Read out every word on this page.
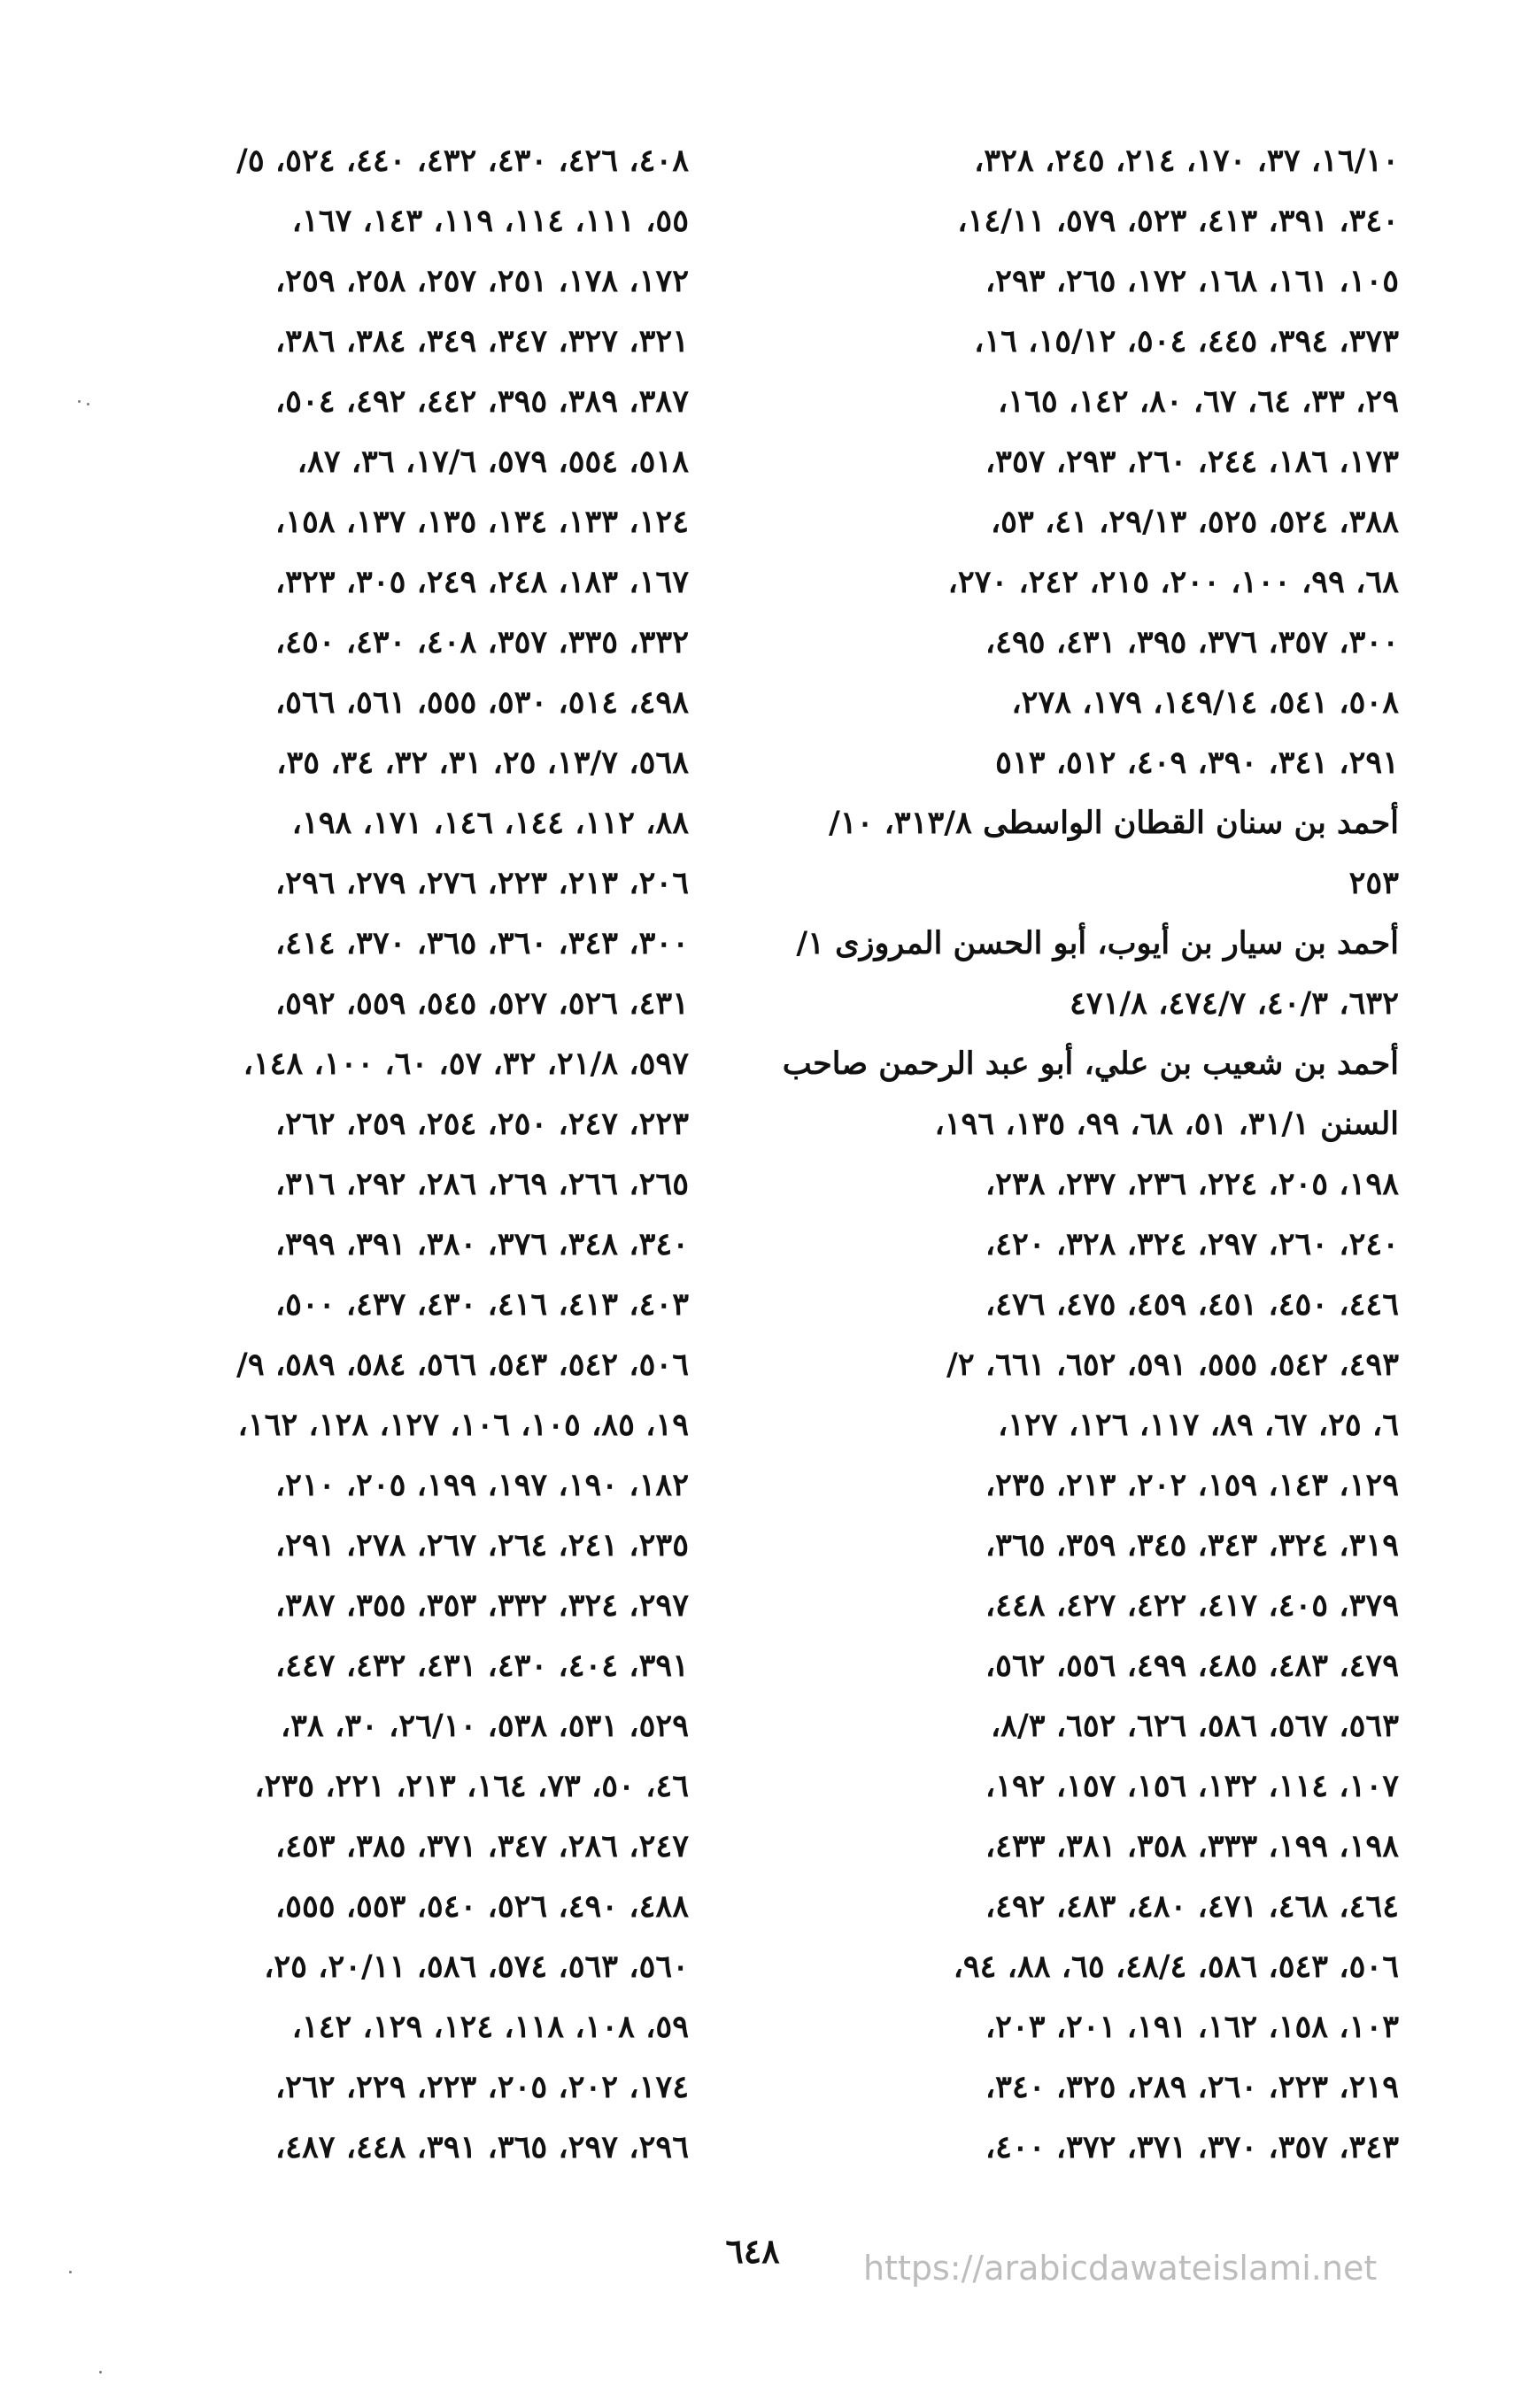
١٦/١٠، ٣٧، ١٧٠، ٢١٤، ٢٤٥، ٣٢٨،
٣٤٠، ٣٩١، ٤١٣، ٥٢٣، ٥٧٩، ١٤/١١،
١٠٥، ١٦١، ١٦٨، ١٧٢، ٢٦٥، ٢٩٣،
٣٧٣، ٣٩٤، ٤٤٥، ٥٠٤، ١٥/١٢، ١٦،
٢٩، ٣٣، ٦٤، ٦٧، ٨٠، ١٤٢، ١٦٥،
١٧٣، ١٨٦، ٢٤٤، ٢٦٠، ٢٩٣، ٣٥٧،
٣٨٨، ٥٢٤، ٥٢٥، ٢٩/١٣، ٤١، ٥٣،
٦٨، ٩٩، ١٠٠، ٢٠٠، ٢١٥، ٢٤٢، ٢٧٠،
٣٠٠، ٣٥٧، ٣٧٦، ٣٩٥، ٤٣١، ٤٩٥،
٥٠٨، ٥٤١، ١٤٩/١٤، ١٧٩، ٢٧٨،
٢٩١، ٣٤١، ٣٩٠، ٤٠٩، ٥١٢، ٥١٣
أحمد بن سنان القطان الواسطى ٣١٣/٨، ١٠/
٢٥٣
أحمد بن سيار بن أيوب، أبو الحسن المروزى ١/
٦٣٢، ٤٠/٣، ٤٧٤/٧، ٤٧١/٨
أحمد بن شعيب بن علي، أبو عبد الرحمن صاحب
السنن ٣١/١، ٥١، ٦٨، ٩٩، ١٣٥، ١٩٦،
١٩٨، ٢٠٥، ٢٢٤، ٢٣٦، ٢٣٧، ٢٣٨،
٢٤٠، ٢٦٠، ٢٩٧، ٣٢٤، ٣٢٨، ٤٢٠،
٤٤٦، ٤٥٠، ٤٥١، ٤٥٩، ٤٧٥، ٤٧٦،
٤٩٣، ٥٤٢، ٥٥٥، ٥٩١، ٦٥٢، ٦٦١، ٢/
٦، ٢٥، ٦٧، ٨٩، ١١٧، ١٢٦، ١٢٧،
١٢٩، ١٤٣، ١٥٩، ٢٠٢، ٢١٣، ٢٣٥،
٣١٩، ٣٢٤، ٣٤٣، ٣٤٥، ٣٥٩، ٣٦٥،
٣٧٩، ٤٠٥، ٤١٧، ٤٢٢، ٤٢٧، ٤٤٨،
٤٧٩، ٤٨٣، ٤٨٥، ٤٩٩، ٥٥٦، ٥٦٢،
٥٦٣، ٥٦٧، ٥٨٦، ٦٢٦، ٦٥٢، ٨/٣،
١٠٧، ١١٤، ١٣٢، ١٥٦، ١٥٧، ١٩٢،
١٩٨، ١٩٩، ٣٣٣، ٣٥٨، ٣٨١، ٤٣٣،
٤٦٤، ٤٦٨، ٤٧١، ٤٨٠، ٤٨٣، ٤٩٢،
٥٠٦، ٥٤٣، ٥٨٦، ٤٨/٤، ٦٥، ٨٨، ٩٤،
١٠٣، ١٥٨، ١٦٢، ١٩١، ٢٠١، ٢٠٣،
٢١٩، ٢٢٣، ٢٦٠، ٢٨٩، ٣٢٥، ٣٤٠،
٣٤٣، ٣٥٧، ٣٧٠، ٣٧١، ٣٧٢، ٤٠٠،
٤٠٨، ٤٢٦، ٤٣٠، ٤٣٢، ٤٤٠، ٥٢٤، ٥/
٥٥، ١١١، ١١٤، ١١٩، ١٤٣، ١٦٧،
١٧٢، ١٧٨، ٢٥١، ٢٥٧، ٢٥٨، ٢٥٩،
٣٢١، ٣٢٧، ٣٤٧، ٣٤٩، ٣٨٤، ٣٨٦،
٣٨٧، ٣٨٩، ٣٩٥، ٤٤٢، ٤٩٢، ٥٠٤،
٥١٨، ٥٥٤، ٥٧٩، ١٧/٦، ٣٦، ٨٧،
١٢٤، ١٣٣، ١٣٤، ١٣٥، ١٣٧، ١٥٨،
١٦٧، ١٨٣، ٢٤٨، ٢٤٩، ٣٠٥، ٣٢٣،
٣٣٢، ٣٣٥، ٣٥٧، ٤٠٨، ٤٣٠، ٤٥٠،
٤٩٨، ٥١٤، ٥٣٠، ٥٥٥، ٥٦١، ٥٦٦،
٥٦٨، ١٣/٧، ٢٥، ٣١، ٣٢، ٣٤، ٣٥،
٨٨، ١١٢، ١٤٤، ١٤٦، ١٧١، ١٩٨،
٢٠٦، ٢١٣، ٢٢٣، ٢٧٦، ٢٧٩، ٢٩٦،
٣٠٠، ٣٤٣، ٣٦٠، ٣٦٥، ٣٧٠، ٤١٤،
٤٣١، ٥٢٦، ٥٢٧، ٥٤٥، ٥٥٩، ٥٩٢،
٥٩٧، ٢١/٨، ٣٢، ٥٧، ٦٠، ١٠٠، ١٤٨،
٢٢٣، ٢٤٧، ٢٥٠، ٢٥٤، ٢٥٩، ٢٦٢،
٢٦٥، ٢٦٦، ٢٦٩، ٢٨٦، ٢٩٢، ٣١٦،
٣٤٠، ٣٤٨، ٣٧٦، ٣٨٠، ٣٩١، ٣٩٩،
٤٠٣، ٤١٣، ٤١٦، ٤٣٠، ٤٣٧، ٥٠٠،
٥٠٦، ٥٤٢، ٥٤٣، ٥٦٦، ٥٨٤، ٥٨٩، ٩/
١٩، ٨٥، ١٠٥، ١٠٦، ١٢٧، ١٢٨، ١٦٢،
١٨٢، ١٩٠، ١٩٧، ١٩٩، ٢٠٥، ٢١٠،
٢٣٥، ٢٤١، ٢٦٤، ٢٦٧، ٢٧٨، ٢٩١،
٢٩٧، ٣٢٤، ٣٣٢، ٣٥٣، ٣٥٥، ٣٨٧،
٣٩١، ٤٠٤، ٤٣٠، ٤٣١، ٤٣٢، ٤٤٧،
٥٢٩، ٥٣١، ٥٣٨، ٢٦/١٠، ٣٠، ٣٨،
٤٦، ٥٠، ٧٣، ١٦٤، ٢١٣، ٢٢١، ٢٣٥،
٢٤٧، ٢٨٦، ٣٤٧، ٣٧١، ٣٨٥، ٤٥٣،
٤٨٨، ٤٩٠، ٥٢٦، ٥٤٠، ٥٥٣، ٥٥٥،
٥٦٠، ٥٦٣، ٥٧٤، ٥٨٦، ٢٠/١١، ٢٥،
٥٩، ١٠٨، ١١٨، ١٢٤، ١٢٩، ١٤٢،
١٧٤، ٢٠٢، ٢٠٥، ٢٢٣، ٢٢٩، ٢٦٢،
٢٩٦، ٢٩٧، ٣٦٥، ٣٩١، ٤٤٨، ٤٨٧،
٦٤٨	https://arabicdawateislami.net
